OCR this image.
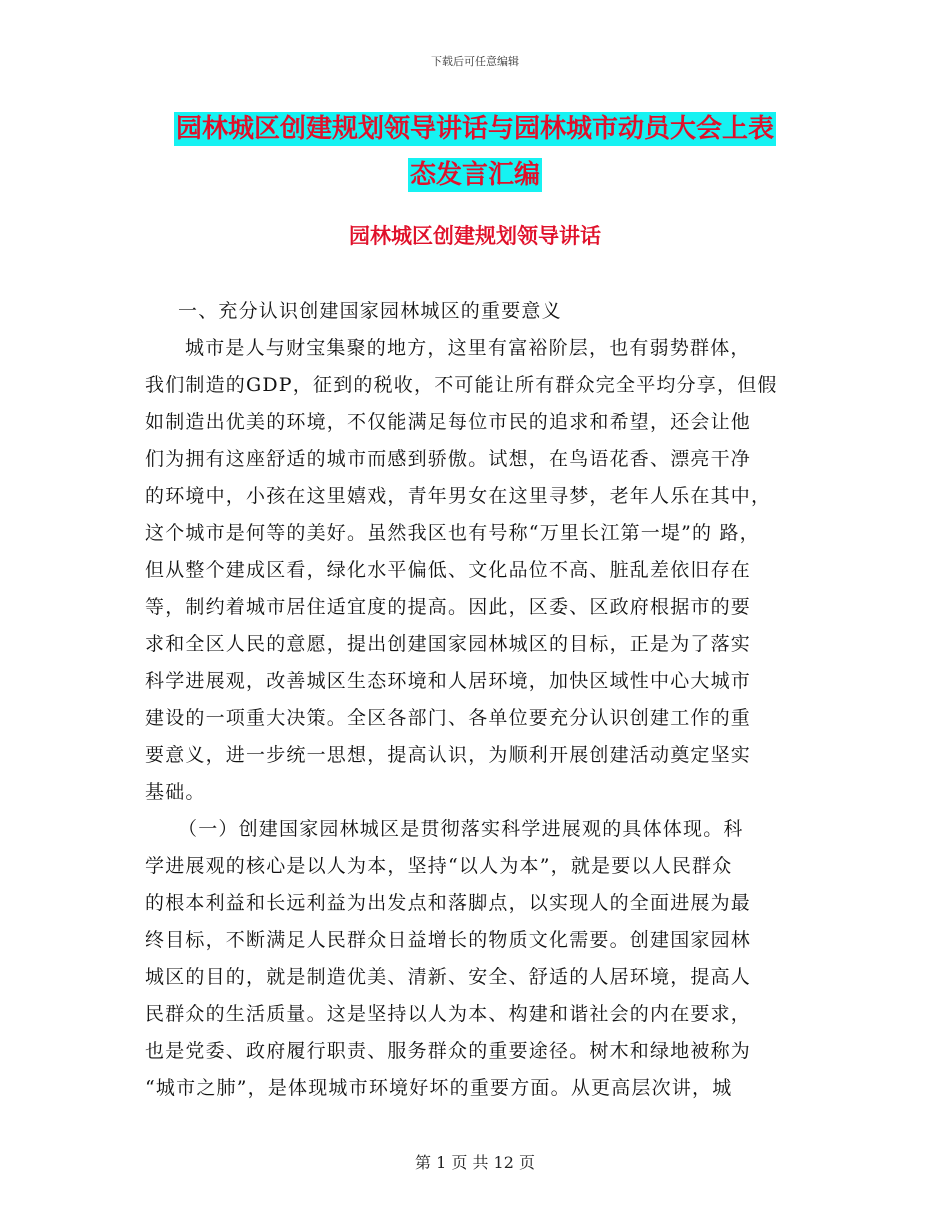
下载后可任意编辑
园林城区创建规划领导讲话与园林城市动员大会上表
态发言汇编
园林城区创建规划领导讲话
一、充分认识创建国家园林城区的重要意义
城市是人与财宝集聚的地方，这里有富裕阶层，也有弱势群体，
我们制造的GDP，征到的税收，不可能让所有群众完全平均分享，但假
如制造出优美的环境，不仅能满足每位市民的追求和希望，还会让他
们为拥有这座舒适的城市而感到骄傲。试想，在鸟语花香、漂亮干净
的环境中，小孩在这里嬉戏，青年男女在这里寻梦，老年人乐在其中，
这个城市是何等的美好。虽然我区也有号称“万里长江第一堤”的 路，
但从整个建成区看，绿化水平偏低、文化品位不高、脏乱差依旧存在
等，制约着城市居住适宜度的提高。因此，区委、区政府根据市的要
求和全区人民的意愿，提出创建国家园林城区的目标，正是为了落实
科学进展观，改善城区生态环境和人居环境，加快区域性中心大城市
建设的一项重大决策。全区各部门、各单位要充分认识创建工作的重
要意义，进一步统一思想，提高认识，为顺利开展创建活动奠定坚实
基础。
（一）创建国家园林城区是贯彻落实科学进展观的具体体现。科
学进展观的核心是以人为本，坚持“以人为本”，就是要以人民群众
的根本利益和长远利益为出发点和落脚点，以实现人的全面进展为最
终目标，不断满足人民群众日益增长的物质文化需要。创建国家园林
城区的目的，就是制造优美、清新、安全、舒适的人居环境，提高人
民群众的生活质量。这是坚持以人为本、构建和谐社会的内在要求，
也是党委、政府履行职责、服务群众的重要途径。树木和绿地被称为
“城市之肺”，是体现城市环境好坏的重要方面。从更高层次讲，城
第 1 页 共 12 页
